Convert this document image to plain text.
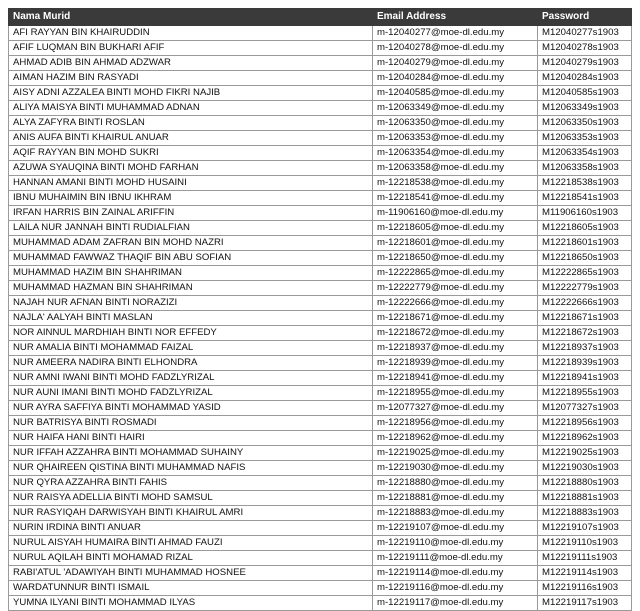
Nama Murid	Email Address	Password
AFI RAYYAN BIN KHAIRUDDIN	m-12040277@moe-dl.edu.my	M12040277s1903
AFIF LUQMAN BIN BUKHARI AFIF	m-12040278@moe-dl.edu.my	M12040278s1903
AHMAD ADIB BIN AHMAD ADZWAR	m-12040279@moe-dl.edu.my	M12040279s1903
AIMAN HAZIM BIN RASYADI	m-12040284@moe-dl.edu.my	M12040284s1903
AISY ADNI AZZALEA BINTI MOHD FIKRI NAJIB	m-12040585@moe-dl.edu.my	M12040585s1903
ALIYA MAISYA BINTI MUHAMMAD ADNAN	m-12063349@moe-dl.edu.my	M12063349s1903
ALYA ZAFYRA BINTI ROSLAN	m-12063350@moe-dl.edu.my	M12063350s1903
ANIS AUFA BINTI KHAIRUL ANUAR	m-12063353@moe-dl.edu.my	M12063353s1903
AQIF RAYYAN BIN MOHD SUKRI	m-12063354@moe-dl.edu.my	M12063354s1903
AZUWA SYAUQINA BINTI MOHD FARHAN	m-12063358@moe-dl.edu.my	M12063358s1903
HANNAN AMANI BINTI MOHD HUSAINI	m-12218538@moe-dl.edu.my	M12218538s1903
IBNU MUHAIMIN BIN IBNU IKHRAM	m-12218541@moe-dl.edu.my	M12218541s1903
IRFAN HARRIS BIN ZAINAL ARIFFIN	m-11906160@moe-dl.edu.my	M11906160s1903
LAILA NUR JANNAH BINTI RUDIALFIAN	m-12218605@moe-dl.edu.my	M12218605s1903
MUHAMMAD ADAM ZAFRAN BIN MOHD NAZRI	m-12218601@moe-dl.edu.my	M12218601s1903
MUHAMMAD FAWWAZ THAQIF BIN ABU SOFIAN	m-12218650@moe-dl.edu.my	M12218650s1903
MUHAMMAD HAZIM BIN SHAHRIMAN	m-12222865@moe-dl.edu.my	M12222865s1903
MUHAMMAD HAZMAN BIN SHAHRIMAN	m-12222779@moe-dl.edu.my	M12222779s1903
NAJAH NUR AFNAN BINTI NORAZIZI	m-12222666@moe-dl.edu.my	M12222666s1903
NAJLA' AALYAH BINTI MASLAN	m-12218671@moe-dl.edu.my	M12218671s1903
NOR AINNUL MARDHIAH BINTI NOR EFFEDY	m-12218672@moe-dl.edu.my	M12218672s1903
NUR AMALIA BINTI MOHAMMAD FAIZAL	m-12218937@moe-dl.edu.my	M12218937s1903
NUR AMEERA NADIRA BINTI ELHONDRA	m-12218939@moe-dl.edu.my	M12218939s1903
NUR AMNI IWANI BINTI MOHD FADZLYRIZAL	m-12218941@moe-dl.edu.my	M12218941s1903
NUR AUNI IMANI BINTI MOHD FADZLYRIZAL	m-12218955@moe-dl.edu.my	M12218955s1903
NUR AYRA SAFFIYA BINTI MOHAMMAD YASID	m-12077327@moe-dl.edu.my	M12077327s1903
NUR BATRISYA BINTI ROSMADI	m-12218956@moe-dl.edu.my	M12218956s1903
NUR HAIFA HANI BINTI HAIRI	m-12218962@moe-dl.edu.my	M12218962s1903
NUR IFFAH AZZAHRA BINTI MOHAMMAD SUHAINY	m-12219025@moe-dl.edu.my	M12219025s1903
NUR QHAIREEN QISTINA BINTI MUHAMMAD NAFIS	m-12219030@moe-dl.edu.my	M12219030s1903
NUR QYRA AZZAHRA BINTI FAHIS	m-12218880@moe-dl.edu.my	M12218880s1903
NUR RAISYA ADELLIA BINTI MOHD SAMSUL	m-12218881@moe-dl.edu.my	M12218881s1903
NUR RASYIQAH DARWISYAH BINTI KHAIRUL AMRI	m-12218883@moe-dl.edu.my	M12218883s1903
NURIN IRDINA BINTI ANUAR	m-12219107@moe-dl.edu.my	M12219107s1903
NURUL AISYAH HUMAIRA BINTI AHMAD FAUZI	m-12219110@moe-dl.edu.my	M12219110s1903
NURUL AQILAH BINTI MOHAMAD RIZAL	m-12219111@moe-dl.edu.my	M12219111s1903
RABI'ATUL 'ADAWIYAH BINTI MUHAMMAD HOSNEE	m-12219114@moe-dl.edu.my	M12219114s1903
WARDATUNNUR BINTI ISMAIL	m-12219116@moe-dl.edu.my	M12219116s1903
YUMNA ILYANI BINTI MOHAMMAD ILYAS	m-12219117@moe-dl.edu.my	M12219117s1903
